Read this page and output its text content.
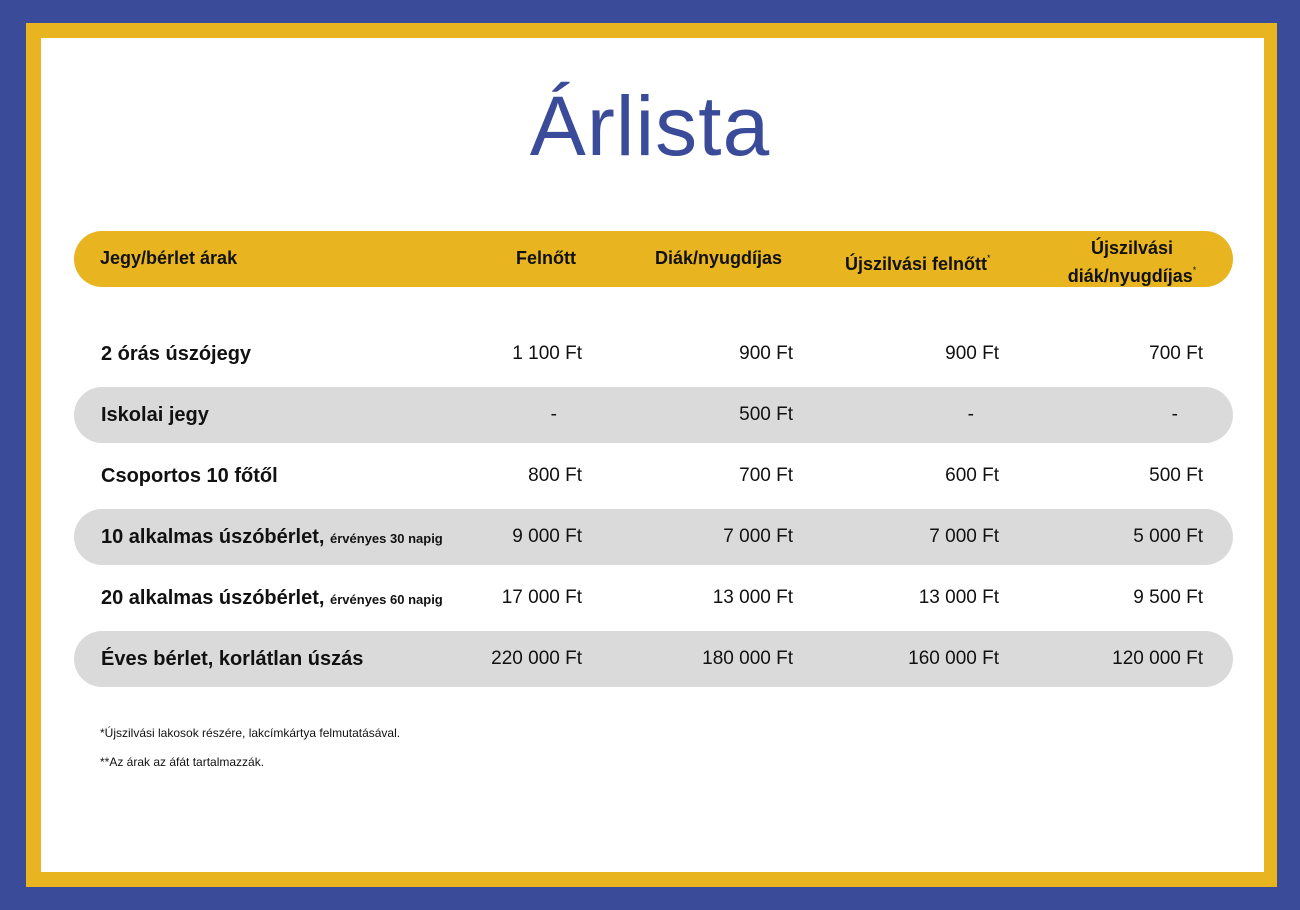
Árlista
Jegy/bérlet árak	Felnőtt	Diák/nyugdíjas	Újszilvási felnőtt*	Újszilvási
diák/nyugdíjas*
2 órás úszójegy	1 100 Ft	900 Ft	900 Ft	700 Ft
Iskolai jegy	-	500 Ft	-	-
Csoportos 10 főtől	800 Ft	700 Ft	600 Ft	500 Ft
10 alkalmas úszóbérlet, érvényes 30 napig	9 000 Ft	7 000 Ft	7 000 Ft	5 000 Ft
20 alkalmas úszóbérlet, érvényes 60 napig	17 000 Ft	13 000 Ft	13 000 Ft	9 500 Ft
Éves bérlet, korlátlan úszás	220 000 Ft	180 000 Ft	160 000 Ft	120 000 Ft
*Újszilvási lakosok részére, lakcímkártya felmutatásával.
**Az árak az áfát tartalmazzák.
